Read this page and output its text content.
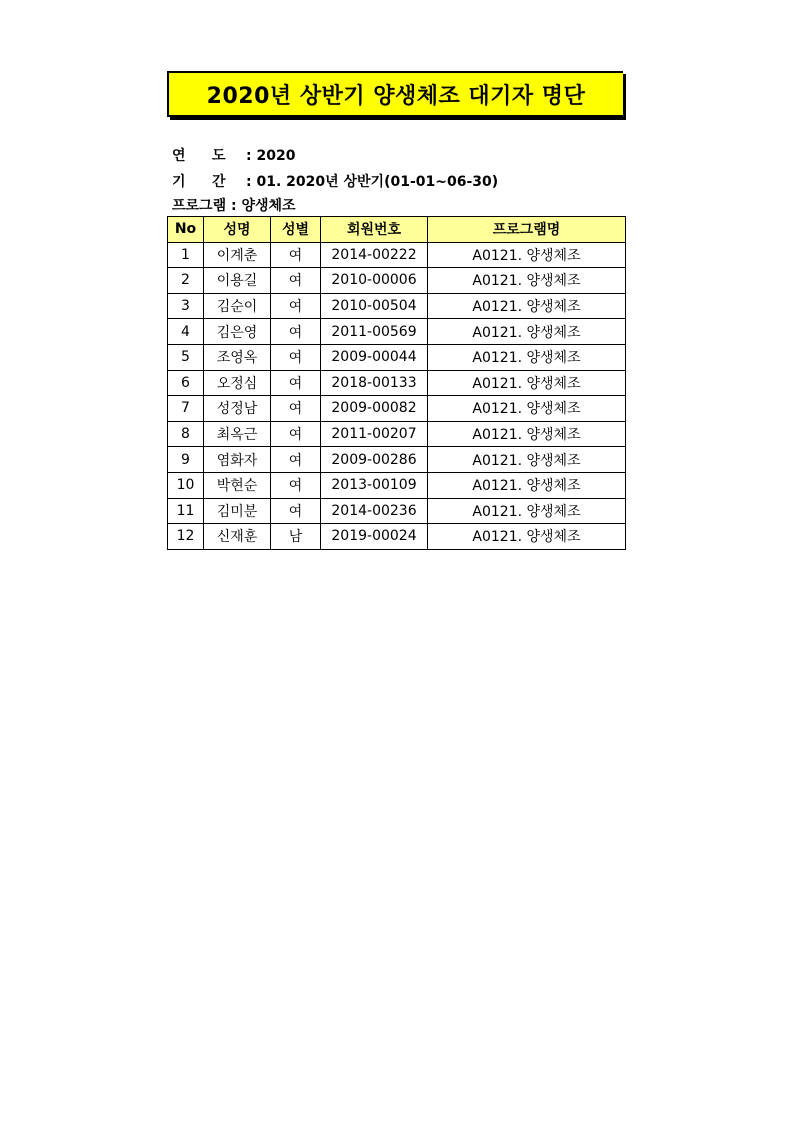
2020년 상반기 양생체조 대기자 명단
연 도 : 2020
기 간 : 01. 2020년 상반기(01-01~06-30)
프로그램 : 양생체조
No	성명	성별	회원번호	프로그램명
1	이계춘	여	2014-00222	A0121. 양생체조
2	이용길	여	2010-00006	A0121. 양생체조
3	김순이	여	2010-00504	A0121. 양생체조
4	김은영	여	2011-00569	A0121. 양생체조
5	조영옥	여	2009-00044	A0121. 양생체조
6	오정심	여	2018-00133	A0121. 양생체조
7	성정남	여	2009-00082	A0121. 양생체조
8	최옥근	여	2011-00207	A0121. 양생체조
9	염화자	여	2009-00286	A0121. 양생체조
10	박현순	여	2013-00109	A0121. 양생체조
11	김미분	여	2014-00236	A0121. 양생체조
12	신재훈	남	2019-00024	A0121. 양생체조
